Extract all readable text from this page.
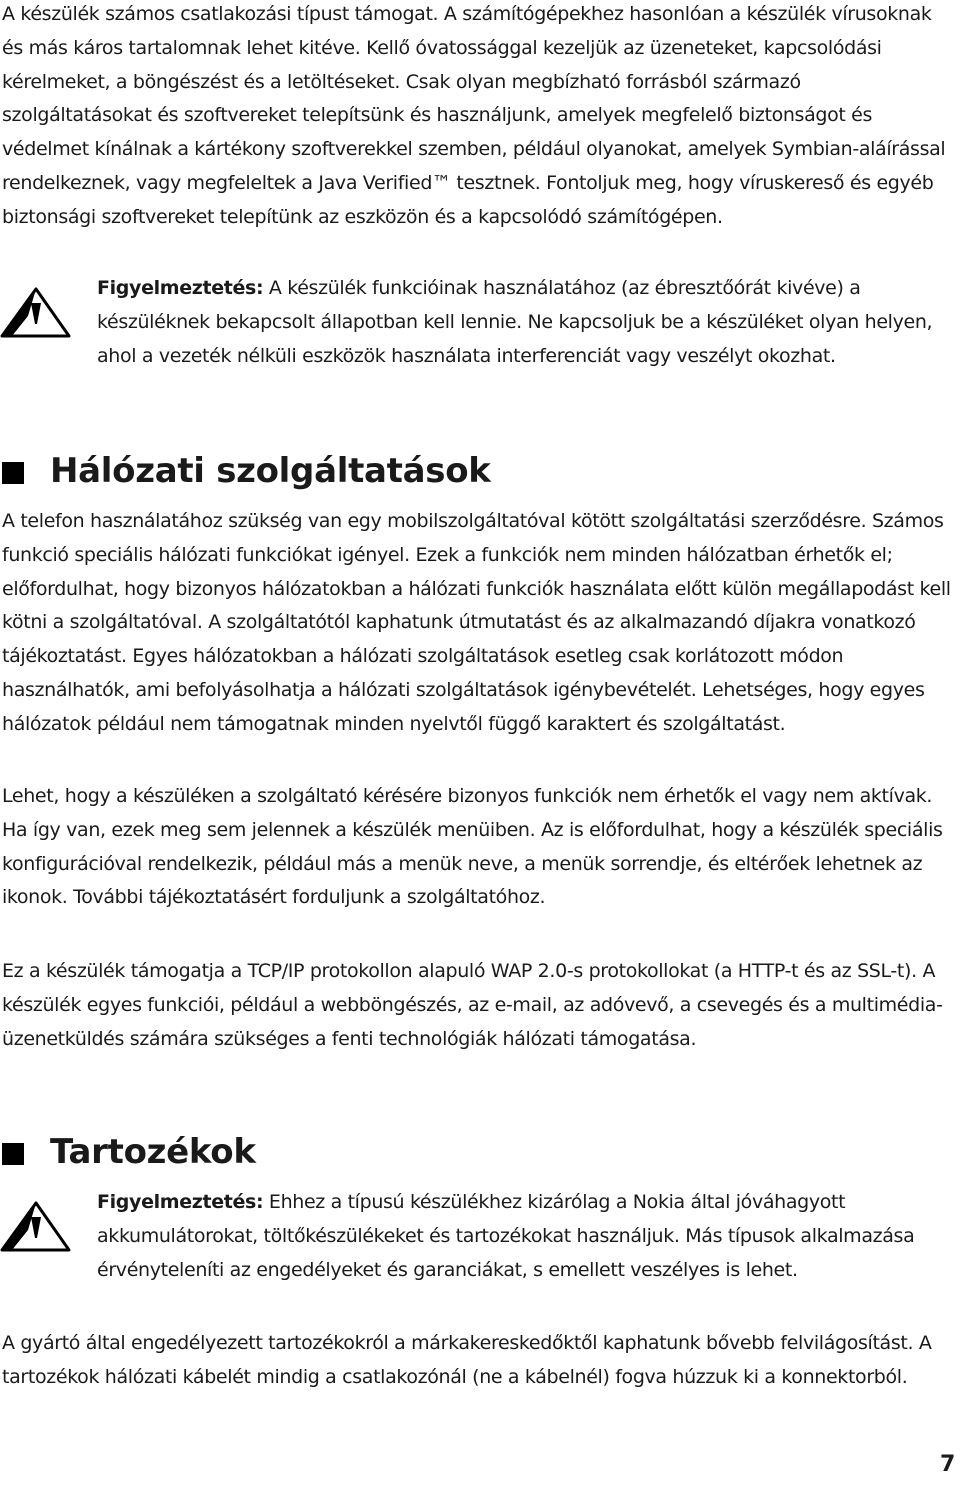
A készülék számos csatlakozási típust támogat. A számítógépekhez hasonlóan a készülék vírusoknak és más káros tartalomnak lehet kitéve. Kellő óvatossággal kezeljük az üzeneteket, kapcsolódási kérelmeket, a böngészést és a letöltéseket. Csak olyan megbízható forrásból származó szolgáltatásokat és szoftvereket telepítsünk és használjunk, amelyek megfelelő biztonságot és védelmet kínálnak a kártékony szoftverekkel szemben, például olyanokat, amelyek Symbian-aláírással rendelkeznek, vagy megfeleltek a Java Verified™ tesztnek. Fontoljuk meg, hogy víruskereső és egyéb biztonsági szoftvereket telepítünk az eszközön és a kapcsolódó számítógépen.

Figyelmeztetés: A készülék funkcióinak használatához (az ébresztőórát kivéve) a készüléknek bekapcsolt állapotban kell lennie. Ne kapcsoljuk be a készüléket olyan helyen, ahol a vezeték nélküli eszközök használata interferenciát vagy veszélyt okozhat.

Hálózati szolgáltatások

A telefon használatához szükség van egy mobilszolgáltatóval kötött szolgáltatási szerződésre. Számos funkció speciális hálózati funkciókat igényel. Ezek a funkciók nem minden hálózatban érhetők el; előfordulhat, hogy bizonyos hálózatokban a hálózati funkciók használata előtt külön megállapodást kell kötni a szolgáltatóval. A szolgáltatótól kaphatunk útmutatást és az alkalmazandó díjakra vonatkozó tájékoztatást. Egyes hálózatokban a hálózati szolgáltatások esetleg csak korlátozott módon használhatók, ami befolyásolhatja a hálózati szolgáltatások igénybevételét. Lehetséges, hogy egyes hálózatok például nem támogatnak minden nyelvtől függő karaktert és szolgáltatást.

Lehet, hogy a készüléken a szolgáltató kérésére bizonyos funkciók nem érhetők el vagy nem aktívak. Ha így van, ezek meg sem jelennek a készülék menüiben. Az is előfordulhat, hogy a készülék speciális konfigurációval rendelkezik, például más a menük neve, a menük sorrendje, és eltérőek lehetnek az ikonok. További tájékoztatásért forduljunk a szolgáltatóhoz.

Ez a készülék támogatja a TCP/IP protokollon alapuló WAP 2.0-s protokollokat (a HTTP-t és az SSL-t). A készülék egyes funkciói, például a webböngészés, az e-mail, az adóvevő, a csevegés és a multimédia-üzenetküldés számára szükséges a fenti technológiák hálózati támogatása.

Tartozékok

Figyelmeztetés: Ehhez a típusú készülékhez kizárólag a Nokia által jóváhagyott akkumulátorokat, töltőkészülékeket és tartozékokat használjuk. Más típusok alkalmazása érvényteleníti az engedélyeket és garanciákat, s emellett veszélyes is lehet.

A gyártó által engedélyezett tartozékokról a márkakereskedőktől kaphatunk bővebb felvilágosítást. A tartozékok hálózati kábelét mindig a csatlakozónál (ne a kábelnél) fogva húzzuk ki a konnektorból.

7
